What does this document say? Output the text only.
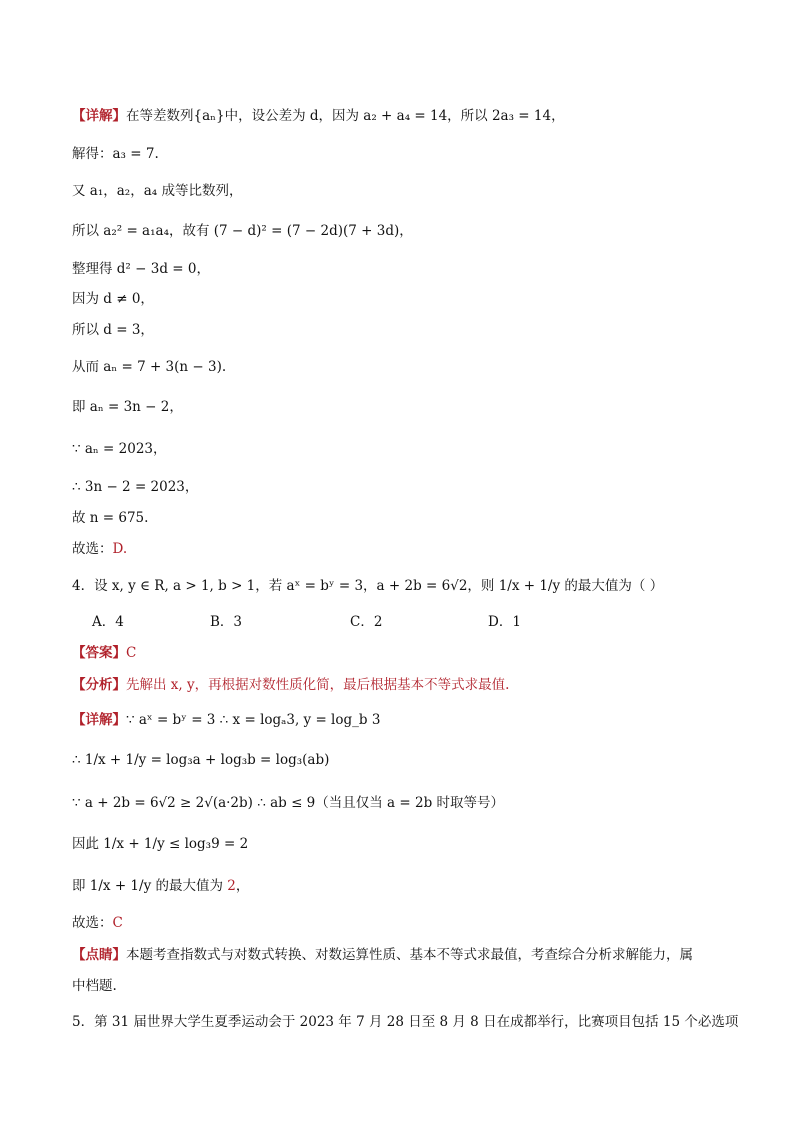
【详解】在等差数列{aₙ}中，设公差为 d，因为 a₂ + a₄ = 14，所以 2a₃ = 14，
解得：a₃ = 7.
又 a₁，a₂，a₄ 成等比数列，
所以 a₂² = a₁a₄，故有 (7 − d)² = (7 − 2d)(7 + 3d)，
整理得 d² − 3d = 0，
因为 d ≠ 0，
所以 d = 3，
从而 aₙ = 7 + 3(n − 3).
即 aₙ = 3n − 2，
∵ aₙ = 2023，
∴ 3n − 2 = 2023，
故 n = 675.
故选：D.
4．设 x, y ∈ R, a > 1, b > 1，若 aˣ = bʸ = 3，a + 2b = 6√2，则 1/x + 1/y 的最大值为（ ）
A．4	B．3	C．2	D．1
【答案】C
【分析】先解出 x, y，再根据对数性质化简，最后根据基本不等式求最值.
【详解】∵ aˣ = bʸ = 3 ∴ x = logₐ3, y = log_b 3
∴ 1/x + 1/y = log₃a + log₃b = log₃(ab)
∵ a + 2b = 6√2 ≥ 2√(a·2b) ∴ ab ≤ 9（当且仅当 a = 2b 时取等号）
因此 1/x + 1/y ≤ log₃9 = 2
即 1/x + 1/y 的最大值为 2，
故选：C
【点睛】本题考查指数式与对数式转换、对数运算性质、基本不等式求最值，考查综合分析求解能力，属
中档题.
5．第 31 届世界大学生夏季运动会于 2023 年 7 月 28 日至 8 月 8 日在成都举行，比赛项目包括 15 个必选项
